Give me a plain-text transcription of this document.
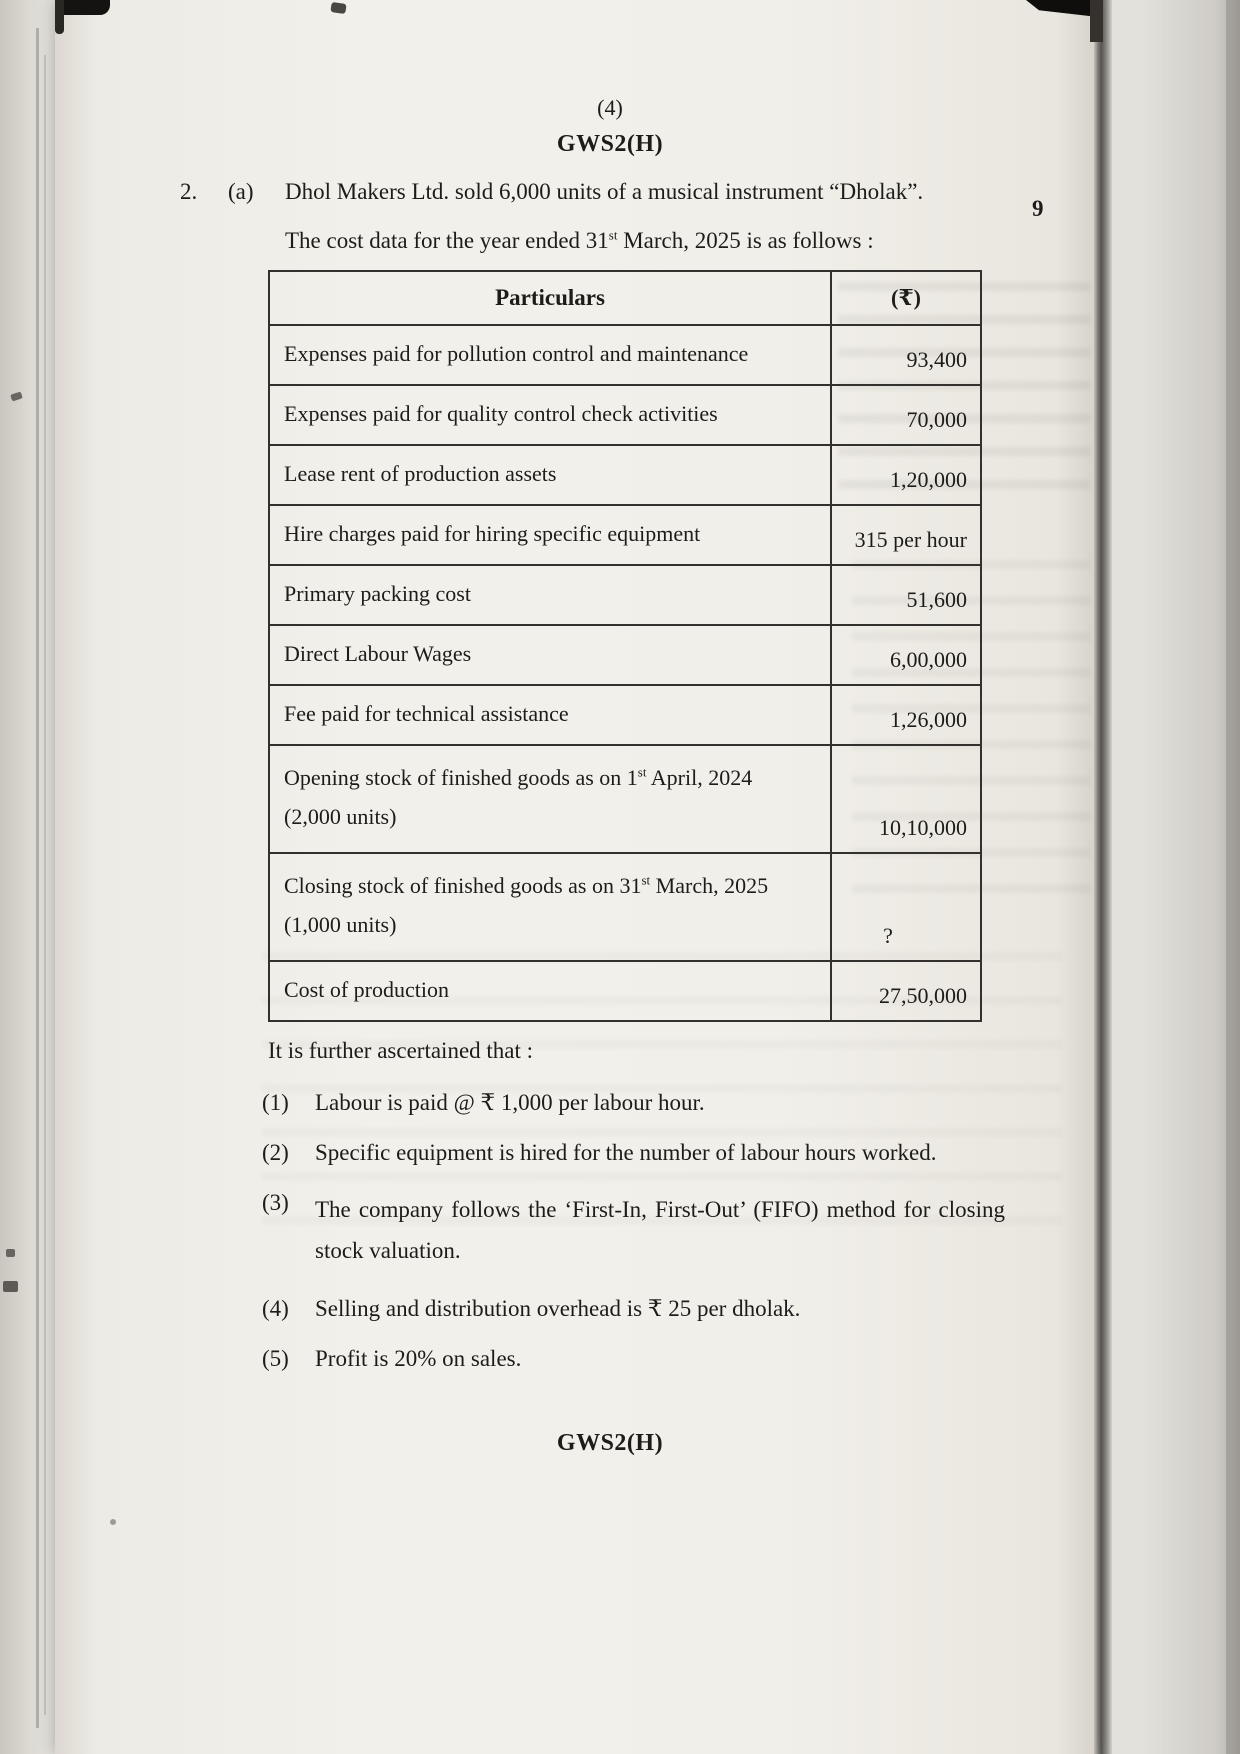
(4)
GWS2(H)
2.	(a)	Dhol Makers Ltd. sold 6,000 units of a musical instrument “Dholak”.

The cost data for the year ended 31st March, 2025 is as follows :

Particulars	(₹)
Expenses paid for pollution control and maintenance	93,400
Expenses paid for quality control check activities	70,000
Lease rent of production assets	1,20,000
Hire charges paid for hiring specific equipment	315 per hour
Primary packing cost	51,600
Direct Labour Wages	6,00,000
Fee paid for technical assistance	1,26,000
Opening stock of finished goods as on 1st April, 2024
(2,000 units)	10,10,000
Closing stock of finished goods as on 31st March, 2025
(1,000 units)	?
Cost of production	27,50,000

It is further ascertained that :

(1)	Labour is paid @ ₹ 1,000 per labour hour.
(2)	Specific equipment is hired for the number of labour hours worked.
(3)	The company follows the ‘First-In, First-Out’ (FIFO) method for closing stock valuation.
(4)	Selling and distribution overhead is ₹ 25 per dholak.
(5)	Profit is 20% on sales.
GWS2(H)
9
